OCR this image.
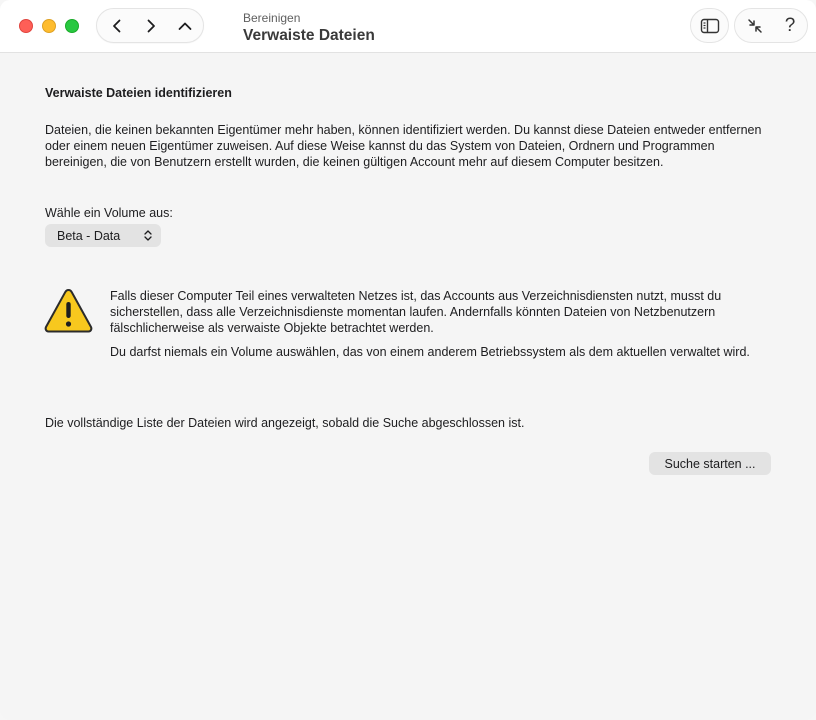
Bereinigen
Verwaiste Dateien	?
Verwaiste Dateien identifizieren
Dateien, die keinen bekannten Eigentümer mehr haben, können identifiziert werden. Du kannst diese Dateien entweder entfernen oder einem neuen Eigentümer zuweisen. Auf diese Weise kannst du das System von Dateien, Ordnern und Programmen bereinigen, die von Benutzern erstellt wurden, die keinen gültigen Account mehr auf diesem Computer besitzen.
Wähle ein Volume aus:
Beta - Data
Falls dieser Computer Teil eines verwalteten Netzes ist, das Accounts aus Verzeichnisdiensten nutzt, musst du sicherstellen, dass alle Verzeichnisdienste momentan laufen. Andernfalls könnten Dateien von Netzbenutzern fälschlicherweise als verwaiste Objekte betrachtet werden.
Du darfst niemals ein Volume auswählen, das von einem anderem Betriebssystem als dem aktuellen verwaltet wird.
Die vollständige Liste der Dateien wird angezeigt, sobald die Suche abgeschlossen ist.
Suche starten ...
